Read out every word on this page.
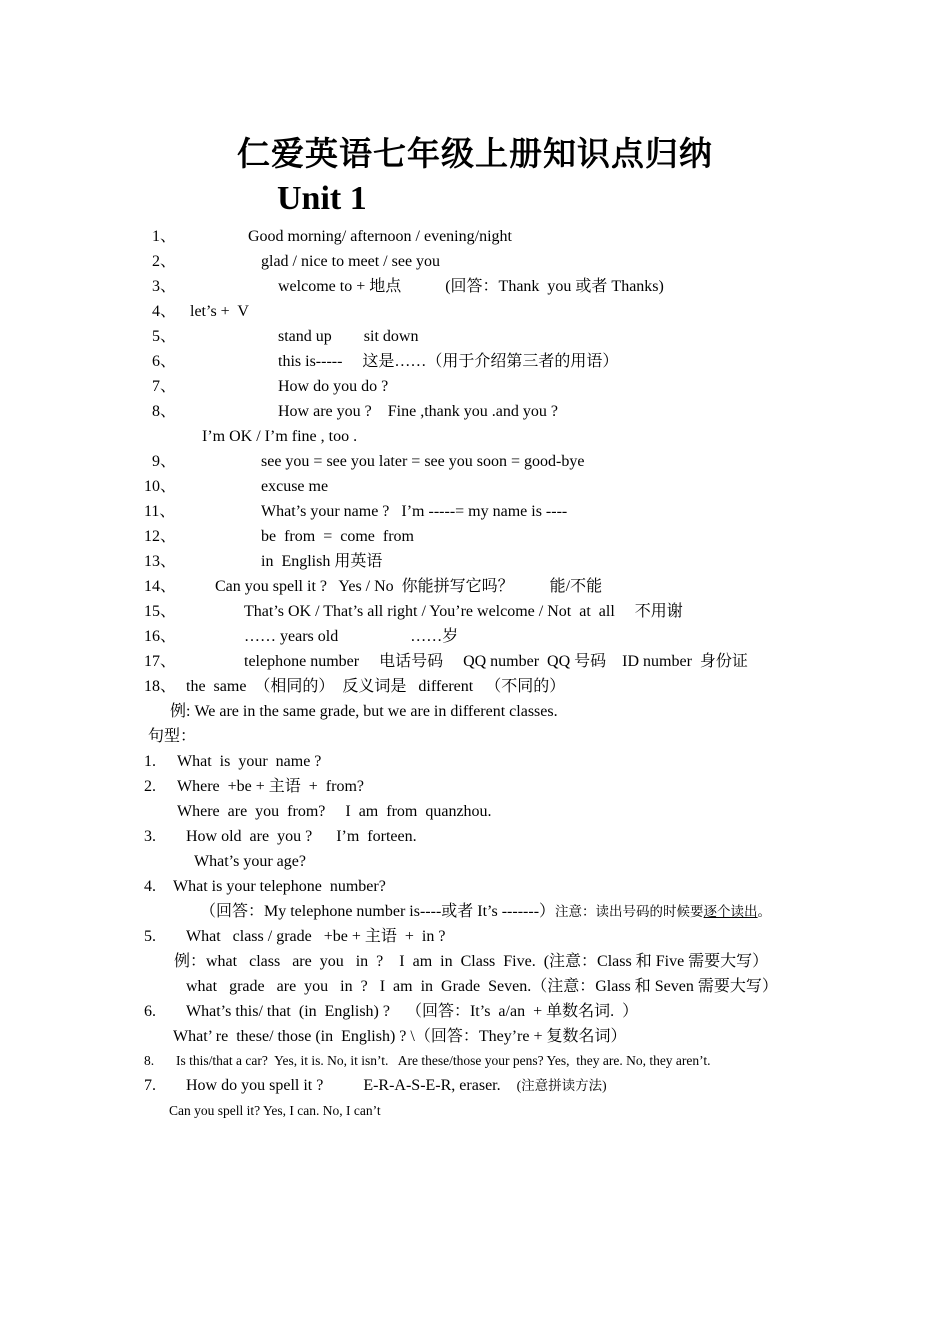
仁爱英语七年级上册知识点归纳
Unit 1
1、	Good morning/ afternoon / evening/night
2、	glad / nice to meet / see you
3、	welcome to + 地点           (回答：Thank  you 或者 Thanks)
4、 let’s +  V
5、	stand up        sit down
6、	this is-----     这是……（用于介绍第三者的用语）
7、	How do you do ?
8、	How are you ?    Fine ,thank you .and you ?
I’m OK / I’m fine , too .
9、	see you = see you later = see you soon = good-bye
10、	excuse me
11、	What’s your name ?   I’m -----= my name is ----
12、	be  from  =  come  from
13、	in  English 用英语
14、 Can you spell it ?   Yes / No  你能拼写它吗？         能/不能
15、	That’s OK / That’s all right / You’re welcome / Not  at  all     不用谢
16、	…… years old                  ……岁
17、	telephone number     电话号码     QQ number  QQ 号码    ID number  身份证
18、 the  same  （相同的）  反义词是   different   （不同的）
例: We are in the same grade, but we are in different classes.
句型：
1. What  is  your  name ?
2. Where  +be + 主语  +  from?
Where  are  you  from?     I  am  from  quanzhou.
3. How old  are  you ?      I’m  forteen.
What’s your age?
4. What is your telephone  number?
（回答：My telephone number is----或者 It’s -------）注意：读出号码的时候要逐个读出。
5. What   class / grade   +be + 主语  +  in ?
例：what   class   are  you   in  ?    I  am  in  Class  Five.  (注意：Class 和 Five 需要大写）
what   grade   are  you   in  ?   I  am  in  Grade  Seven.（注意：Glass 和 Seven 需要大写）
6. What’s this/ that  (in  English) ?    （回答：It’s  a/an  + 单数名词.  ）
What’ re  these/ those (in  English) ? \（回答：They’re + 复数名词）
8. Is this/that a car?  Yes, it is. No, it isn’t.   Are these/those your pens? Yes,  they are. No, they aren’t.
7. How do you spell it ?          E-R-A-S-E-R, eraser. (注意拼读方法)
Can you spell it? Yes, I can. No, I can’t
